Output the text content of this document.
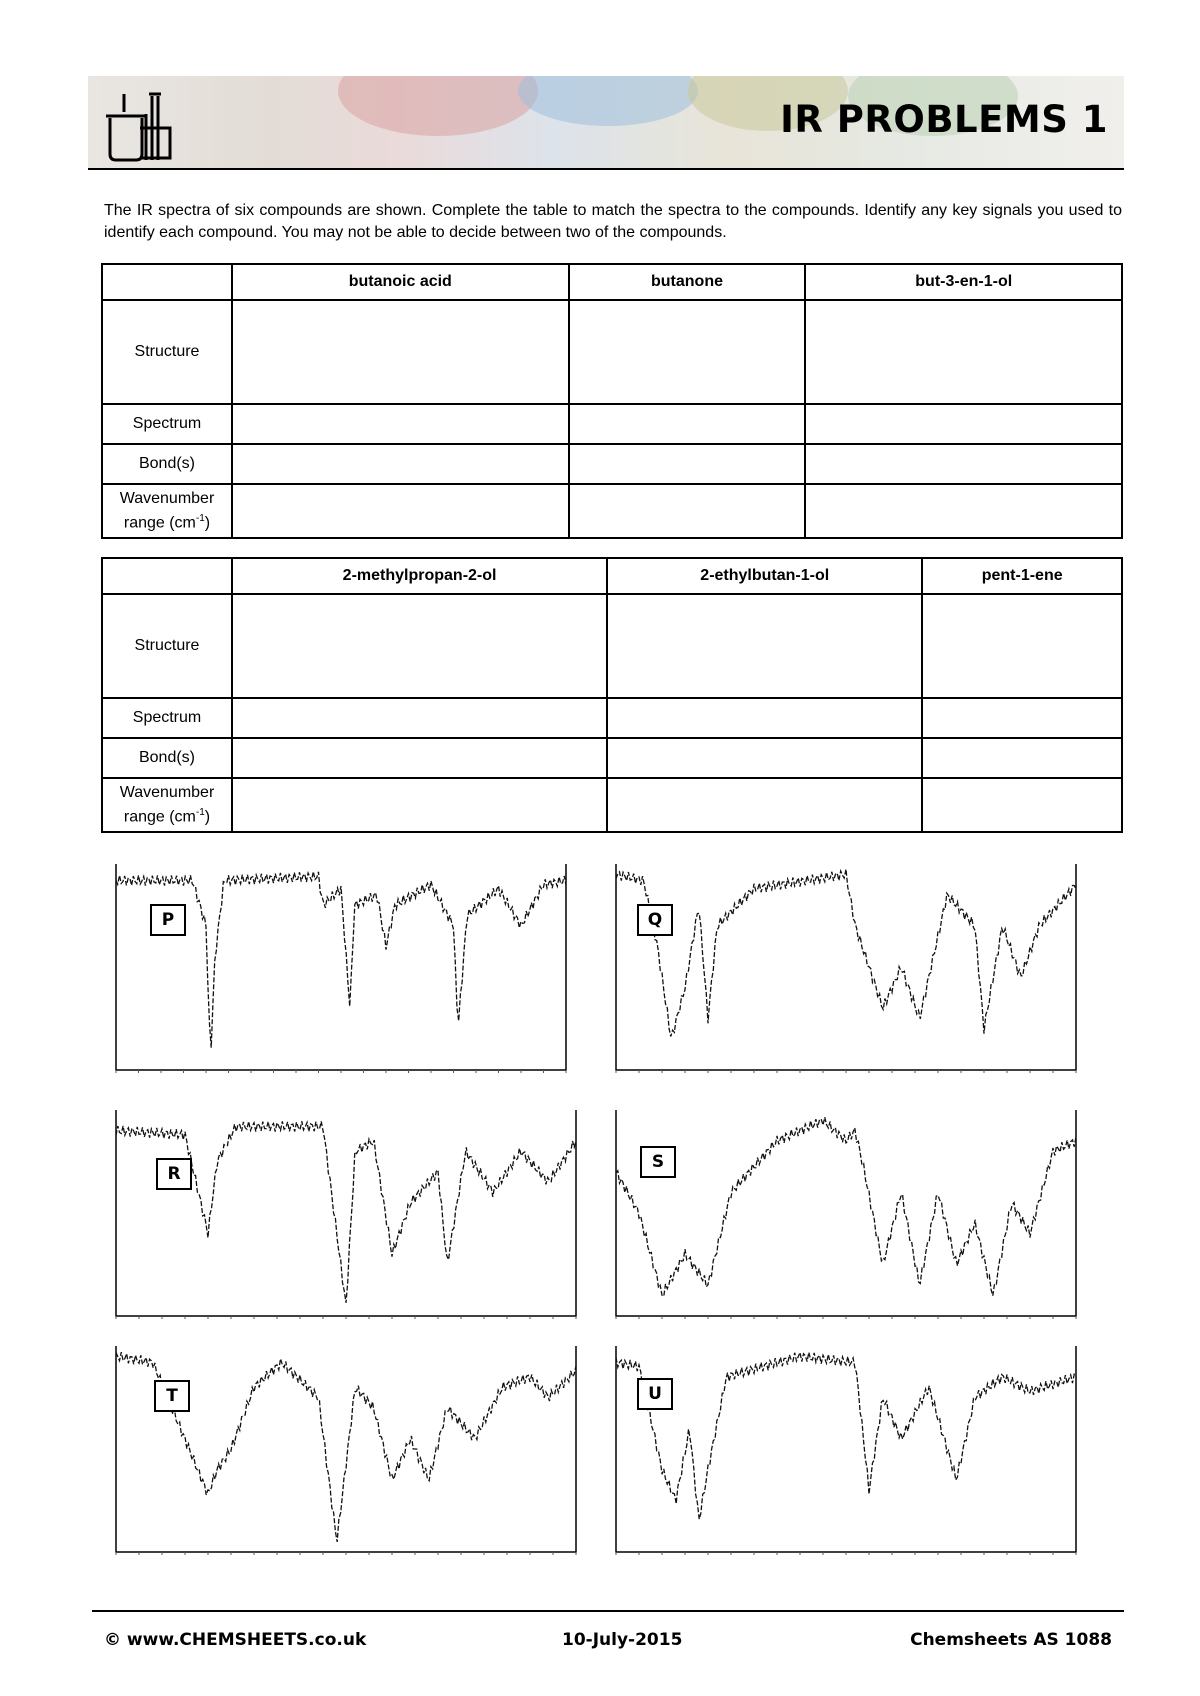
IR PROBLEMS 1
The IR spectra of six compounds are shown. Complete the table to match the spectra to the compounds. Identify any key signals you used to identify each compound. You may not be able to decide between two of the compounds.
	butanoic acid	butanone	but-3-en-1-ol
Structure			
Spectrum			
Bond(s)			
Wavenumber
range $(cm^{-1})$			
	2-methylpropan-2-ol	2-ethylbutan-1-ol	pent-1-ene
Structure			
Spectrum			
Bond(s)			
Wavenumber
range $(cm^{-1})$			
P	Q
R
S
T	U
© www.CHEMSHEETS.co.uk	10-July-2015	Chemsheets AS 1088
